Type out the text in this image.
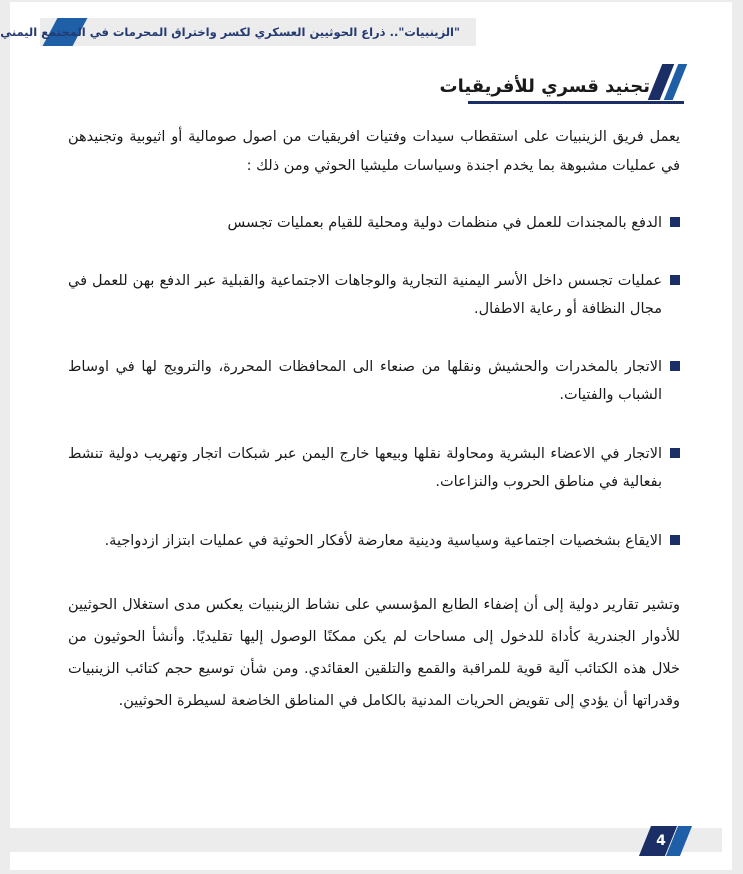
"الزينبيات".. ذراع الحوثيين العسكري لكسر واختراق المحرمات في المجتمع اليمني
تجنيد قسري للأفريقيات
يعمل فريق الزينبيات على استقطاب سيدات وفتيات افريقيات من اصول صومالية أو اثيوبية وتجنيدهن في عمليات مشبوهة بما يخدم اجندة وسياسات مليشيا الحوثي ومن ذلك :
الدفع بالمجندات للعمل في منظمات دولية ومحلية للقيام بعمليات تجسس
عمليات تجسس داخل الأسر اليمنية التجارية والوجاهات الاجتماعية والقبلية عبر الدفع بهن للعمل في مجال النظافة أو رعاية الاطفال.
الاتجار بالمخدرات والحشيش ونقلها من صنعاء الى المحافظات المحررة، والترويج لها في اوساط الشباب والفتيات.
الاتجار في الاعضاء البشرية ومحاولة نقلها وبيعها خارج اليمن عبر شبكات اتجار وتهريب دولية تنشط بفعالية في مناطق الحروب والنزاعات.
الايقاع بشخصيات اجتماعية وسياسية ودينية معارضة لأفكار الحوثية في عمليات ابتزاز ازدواجية.
وتشير تقارير دولية إلى أن إضفاء الطابع المؤسسي على نشاط الزينبيات يعكس مدى استغلال الحوثيين للأدوار الجندرية كأداة للدخول إلى مساحات لم يكن ممكنًا الوصول إليها تقليديًا. وأنشأ الحوثيون من خلال هذه الكتائب آلية قوية للمراقبة والقمع والتلقين العقائدي. ومن شأن توسيع حجم كتائب الزينبيات وقدراتها أن يؤدي إلى تقويض الحريات المدنية بالكامل في المناطق الخاضعة لسيطرة الحوثيين.
4
